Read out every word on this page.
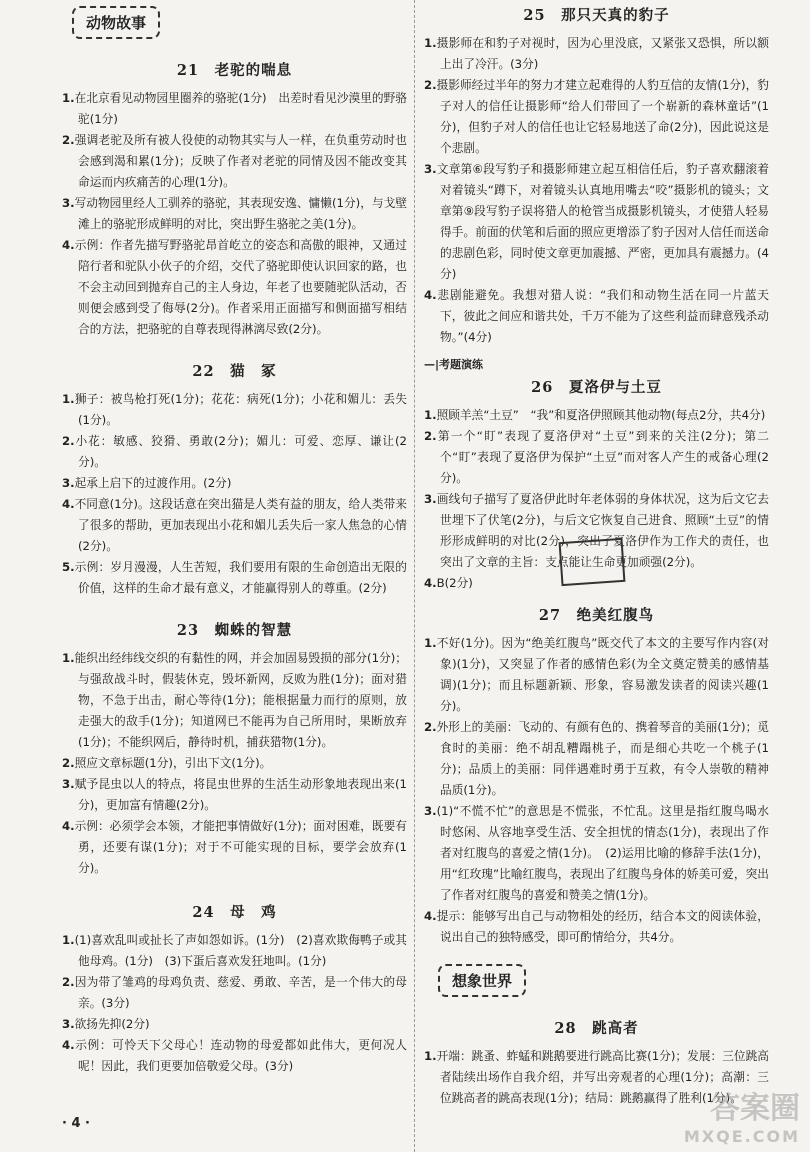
动物故事
21　老驼的喘息
1.在北京看见动物园里圈养的骆驼(1分)　出差时看见沙漠里的野骆驼(1分)
2.强调老驼及所有被人役使的动物其实与人一样，在负重劳动时也会感到渴和累(1分)；反映了作者对老驼的同情及因不能改变其命运而内疚痛苦的心理(1分)。
3.写动物园里经人工驯养的骆驼，其表现安逸、慵懒(1分)，与戈壁滩上的骆驼形成鲜明的对比，突出野生骆驼之美(1分)。
4.示例：作者先描写野骆驼昂首屹立的姿态和高傲的眼神，又通过陪行者和驼队小伙子的介绍，交代了骆驼即使认识回家的路，也不会主动回到抛弃自己的主人身边，年老了也要随驼队活动，否则便会感到受了侮辱(2分)。作者采用正面描写和侧面描写相结合的方法，把骆驼的自尊表现得淋漓尽致(2分)。
22　猫　冢
1.狮子：被鸟枪打死(1分)；花花：病死(1分)；小花和媚儿：丢失(1分)。
2.小花：敏感、狡猾、勇敢(2分)；媚儿：可爱、恋厚、谦让(2分)。
3.起承上启下的过渡作用。(2分)
4.不同意(1分)。这段话意在突出猫是人类有益的朋友，给人类带来了很多的帮助，更加表现出小花和媚儿丢失后一家人焦急的心情(2分)。
5.示例：岁月漫漫，人生苦短，我们要用有限的生命创造出无限的价值，这样的生命才最有意义，才能赢得别人的尊重。(2分)
23　蜘蛛的智慧
1.能织出经纬线交织的有黏性的网，并会加固易毁损的部分(1分)；与强敌战斗时，假装休克，毁坏新网，反败为胜(1分)；面对猎物，不急于出击，耐心等待(1分)；能根据量力而行的原则，放走强大的敌手(1分)；知道网已不能再为自己所用时，果断放弃(1分)；不能织网后，静待时机，捕获猎物(1分)。
2.照应文章标题(1分)，引出下文(1分)。
3.赋予昆虫以人的特点，将昆虫世界的生活生动形象地表现出来(1分)，更加富有情趣(2分)。
4.示例：必须学会本领，才能把事情做好(1分)；面对困难，既要有勇，还要有谋(1分)；对于不可能实现的目标，要学会放弃(1分)。
24　母　鸡
1.(1)喜欢乱叫或扯长了声如怨如诉。(1分)　(2)喜欢欺侮鸭子或其他母鸡。(1分)　(3)下蛋后喜欢发狂地叫。(1分)
2.因为带了雏鸡的母鸡负责、慈爱、勇敢、辛苦，是一个伟大的母亲。(3分)
3.欲扬先抑(2分)
4.示例：可怜天下父母心！连动物的母爱都如此伟大，更何况人呢！因此，我们更要加倍敬爱父母。(3分)
25　那只天真的豹子
1.摄影师在和豹子对视时，因为心里没底，又紧张又恐惧，所以额上出了冷汗。(3分)
2.摄影师经过半年的努力才建立起难得的人豹互信的友情(1分)，豹子对人的信任让摄影师“给人们带回了一个崭新的森林童话”(1分)，但豹子对人的信任也让它轻易地送了命(2分)，因此说这是个悲剧。
3.文章第⑥段写豹子和摄影师建立起互相信任后，豹子喜欢翻滚着对着镜头“蹲下，对着镜头认真地用嘴去“咬”摄影机的镜头；文章第⑨段写豹子误将猎人的枪管当成摄影机镜头，才使猎人轻易得手。前面的伏笔和后面的照应更增添了豹子因对人信任而送命的悲剧色彩，同时使文章更加震撼、严密，更加具有震撼力。(4分)
4.悲剧能避免。我想对猎人说：“我们和动物生活在同一片蓝天下，彼此之间应和谐共处，千万不能为了这些利益而肆意残杀动物。”(4分)
—|考题演练
26　夏洛伊与土豆
1.照顾羊羔“土豆”　“我”和夏洛伊照顾其他动物(每点2分，共4分)
2.第一个“盯”表现了夏洛伊对“土豆”到来的关注(2分)；第二个“盯”表现了夏洛伊为保护“土豆”而对客人产生的戒备心理(2分)。
3.画线句子描写了夏洛伊此时年老体弱的身体状况，这为后文它去世埋下了伏笔(2分)，与后文它恢复自己进食、照顾“土豆”的情形形成鲜明的对比(2分)，突出了夏洛伊作为工作犬的责任，也突出了文章的主旨：支点能让生命更加顽强(2分)。
4.B(2分)
27　绝美红腹鸟
1.不好(1分)。因为“绝美红腹鸟”既交代了本文的主要写作内容(对象)(1分)，又突显了作者的感情色彩(为全文奠定赞美的感情基调)(1分)；而且标题新颖、形象，容易激发读者的阅读兴趣(1分)。
2.外形上的美丽：飞动的、有颜有色的、携着琴音的美丽(1分)；觅食时的美丽：绝不胡乱糟蹋桃子，而是细心共吃一个桃子(1分)；品质上的美丽：同伴遇难时勇于互救，有令人崇敬的精神品质(1分)。
3.(1)“不慌不忙”的意思是不慌张，不忙乱。这里是指红腹鸟喝水时悠闲、从容地享受生活、安全担忧的情态(1分)，表现出了作者对红腹鸟的喜爱之情(1分)。　(2)运用比喻的修辞手法(1分)，用“红玫瑰”比喻红腹鸟，表现出了红腹鸟身体的娇美可爱，突出了作者对红腹鸟的喜爱和赞美之情(1分)。
4.提示：能够写出自己与动物相处的经历，结合本文的阅读体验，说出自己的独特感受，即可酌情给分，共4分。
想象世界
28　跳高者
1.开端：跳蚤、蚱蜢和跳鹅要进行跳高比赛(1分)；发展：三位跳高者陆续出场作自我介绍，并写出旁观者的心理(1分)；高潮：三位跳高者的跳高表现(1分)；结局：跳鹅赢得了胜利(1分)。
· 4 ·	答案圈
MXQE.COM
